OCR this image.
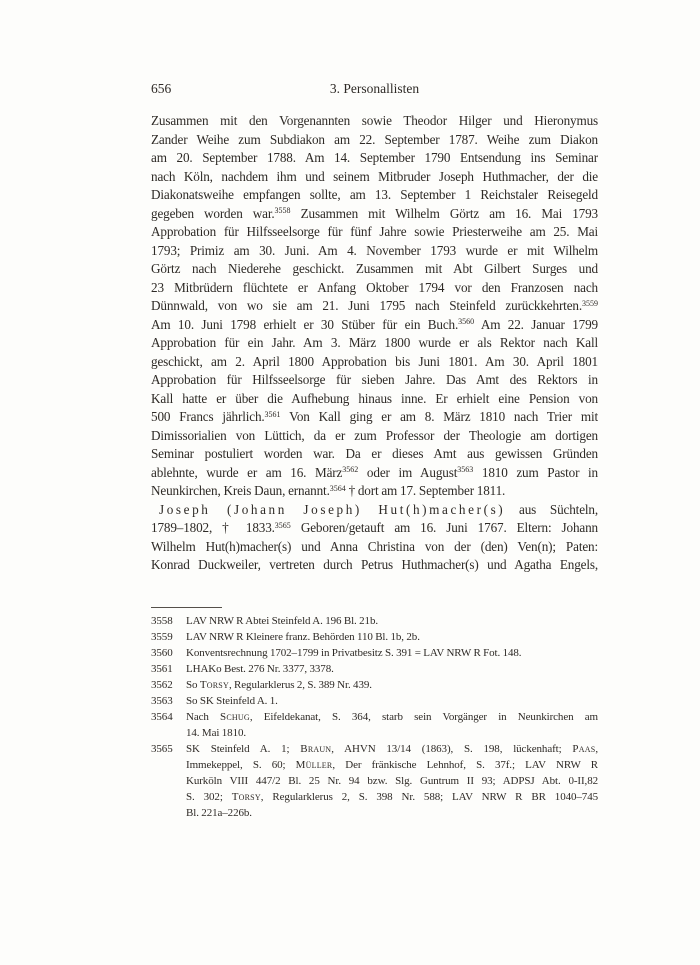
656	3. Personallisten
Zusammen mit den Vorgenannten sowie Theodor Hilger und Hieronymus
Zander Weihe zum Subdiakon am 22. September 1787. Weihe zum Diakon
am 20. September 1788. Am 14. September 1790 Entsendung ins Seminar
nach Köln, nachdem ihm und seinem Mitbruder Joseph Huthmacher, der die
Diakonatsweihe empfangen sollte, am 13. September 1 Reichstaler Reisegeld
gegeben worden war.$^{3558}$ Zusammen mit Wilhelm Görtz am 16. Mai 1793
Approbation für Hilfsseelsorge für fünf Jahre sowie Priesterweihe am 25. Mai
1793; Primiz am 30. Juni. Am 4. November 1793 wurde er mit Wilhelm
Görtz nach Niederehe geschickt. Zusammen mit Abt Gilbert Surges und
23 Mitbrüdern flüchtete er Anfang Oktober 1794 vor den Franzosen nach
Dünnwald, von wo sie am 21. Juni 1795 nach Steinfeld zurückkehrten.$^{3559}$
Am 10. Juni 1798 erhielt er 30 Stüber für ein Buch.$^{3560}$ Am 22. Januar 1799
Approbation für ein Jahr. Am 3. März 1800 wurde er als Rektor nach Kall
geschickt, am 2. April 1800 Approbation bis Juni 1801. Am 30. April 1801
Approbation für Hilfsseelsorge für sieben Jahre. Das Amt des Rektors in
Kall hatte er über die Aufhebung hinaus inne. Er erhielt eine Pension von
500 Francs jährlich.$^{3561}$ Von Kall ging er am 8. März 1810 nach Trier mit
Dimissorialien von Lüttich, da er zum Professor der Theologie am dortigen
Seminar postuliert worden war. Da er dieses Amt aus gewissen Gründen
ablehnte, wurde er am 16. März$^{3562}$ oder im August$^{3563}$ 1810 zum Pastor in
Neunkirchen, Kreis Daun, ernannt.$^{3564}$ † dort am 17. September 1811.
Joseph (Johann Joseph) Hut(h)macher(s) aus Süchteln,
1789–1802, † 1833.$^{3565}$ Geboren/getauft am 16. Juni 1767. Eltern: Johann
Wilhelm Hut(h)macher(s) und Anna Christina von der (den) Ven(n); Paten:
Konrad Duckweiler, vertreten durch Petrus Huthmacher(s) und Agatha Engels,
3558	LAV NRW R Abtei Steinfeld A. 196 Bl. 21b.
3559	LAV NRW R Kleinere franz. Behörden 110 Bl. 1b, 2b.
3560	Konventsrechnung 1702–1799 in Privatbesitz S. 391 = LAV NRW R Fot. 148.
3561	LHAKo Best. 276 Nr. 3377, 3378.
3562	So Torsy, Regularklerus 2, S. 389 Nr. 439.
3563	So SK Steinfeld A. 1.
3564	Nach Schug, Eifeldekanat, S. 364, starb sein Vorgänger in Neunkirchen am
14. Mai 1810.
3565	SK Steinfeld A. 1; Braun, AHVN 13/14 (1863), S. 198, lückenhaft; Paas,
Immekeppel, S. 60; Müller, Der fränkische Lehnhof, S. 37f.; LAV NRW R
Kurköln VIII 447/2 Bl. 25 Nr. 94 bzw. Slg. Guntrum II 93; ADPSJ Abt. 0-II,82
S. 302; Torsy, Regularklerus 2, S. 398 Nr. 588; LAV NRW R BR 1040–745
Bl. 221a–226b.
